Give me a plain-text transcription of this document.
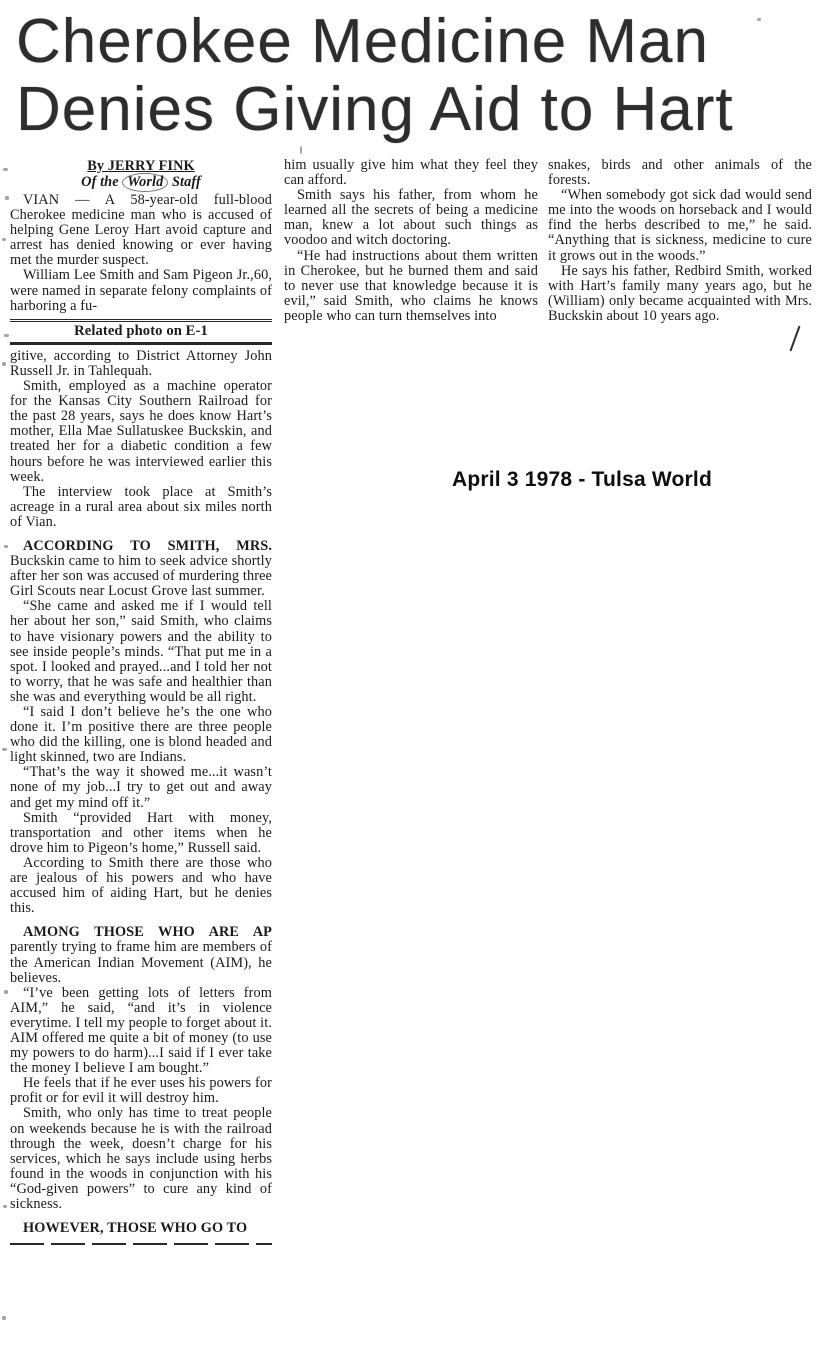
Cherokee Medicine Man
Denies Giving Aid to Hart
By JERRY FINK
Of the World Staff

VIAN — A 58-year-old full-blood Cherokee medicine man who is accused of helping Gene Leroy Hart avoid capture and arrest has denied knowing or ever having met the murder suspect.

William Lee Smith and Sam Pigeon Jr.,60, were named in separate felony complaints of harboring a fu-

Related photo on E-1

gitive, according to District Attorney John Russell Jr. in Tahlequah.

Smith, employed as a machine operator for the Kansas City Southern Railroad for the past 28 years, says he does know Hart’s mother, Ella Mae Sullatuskee Buckskin, and treated her for a diabetic condition a few hours before he was interviewed earlier this week.

The interview took place at Smith’s acreage in a rural area about six miles north of Vian.

ACCORDING TO SMITH, MRS. Buckskin came to him to seek advice shortly after her son was accused of murdering three Girl Scouts near Locust Grove last summer.

“She came and asked me if I would tell her about her son,” said Smith, who claims to have visionary powers and the ability to see inside people’s minds. “That put me in a spot. I looked and prayed...and I told her not to worry, that he was safe and healthier than she was and everything would be all right.

“I said I don’t believe he’s the one who done it. I’m positive there are three people who did the killing, one is blond headed and light skinned, two are Indians.

“That’s the way it showed me...it wasn’t none of my job...I try to get out and away and get my mind off it.”

Smith “provided Hart with money, transportation and other items when he drove him to Pigeon’s home,” Russell said.

According to Smith there are those who are jealous of his powers and who have accused him of aiding Hart, but he denies this.

AMONG THOSE WHO ARE AP parently trying to frame him are members of the American Indian Movement (AIM), he believes.

“I’ve been getting lots of letters from AIM,” he said, “and it’s in violence everytime. I tell my people to forget about it. AIM offered me quite a bit of money (to use my powers to do harm)...I said if I ever take the money I believe I am bought.”

He feels that if he ever uses his powers for profit or for evil it will destroy him.

Smith, who only has time to treat people on weekends because he is with the railroad through the week, doesn’t charge for his services, which he says include using herbs found in the woods in conjunction with his “God-given powers” to cure any kind of sickness.

HOWEVER, THOSE WHO GO TO

him usually give him what they feel they can afford.

Smith says his father, from whom he learned all the secrets of being a medicine man, knew a lot about such things as voodoo and witch doctoring.

“He had instructions about them written in Cherokee, but he burned them and said to never use that knowledge because it is evil,” said Smith, who claims he knows people who can turn themselves into

snakes, birds and other animals of the forests.

“When somebody got sick dad would send me into the woods on horseback and I would find the herbs described to me,” he said. “Anything that is sickness, medicine to cure it grows out in the woods.”

He says his father, Redbird Smith, worked with Hart’s family many years ago, but he (William) only became acquainted with Mrs. Buckskin about 10 years ago.

April 3 1978 - Tulsa World
